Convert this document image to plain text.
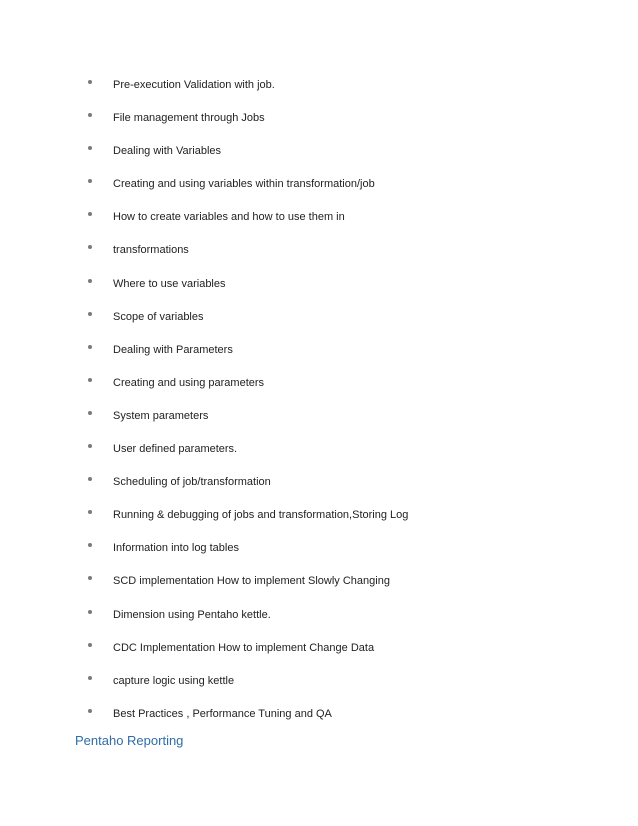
Pre-execution Validation with job.
File management through Jobs
Dealing with Variables
Creating and using variables within transformation/job
How to create variables and how to use them in
transformations
Where to use variables
Scope of variables
Dealing with Parameters
Creating and using parameters
System parameters
User defined parameters.
Scheduling of job/transformation
Running & debugging of jobs and transformation,Storing Log
Information into log tables
SCD implementation How to implement Slowly Changing
Dimension using Pentaho kettle.
CDC Implementation How to implement Change Data
capture logic using kettle
Best Practices , Performance Tuning and QA
Pentaho Reporting
